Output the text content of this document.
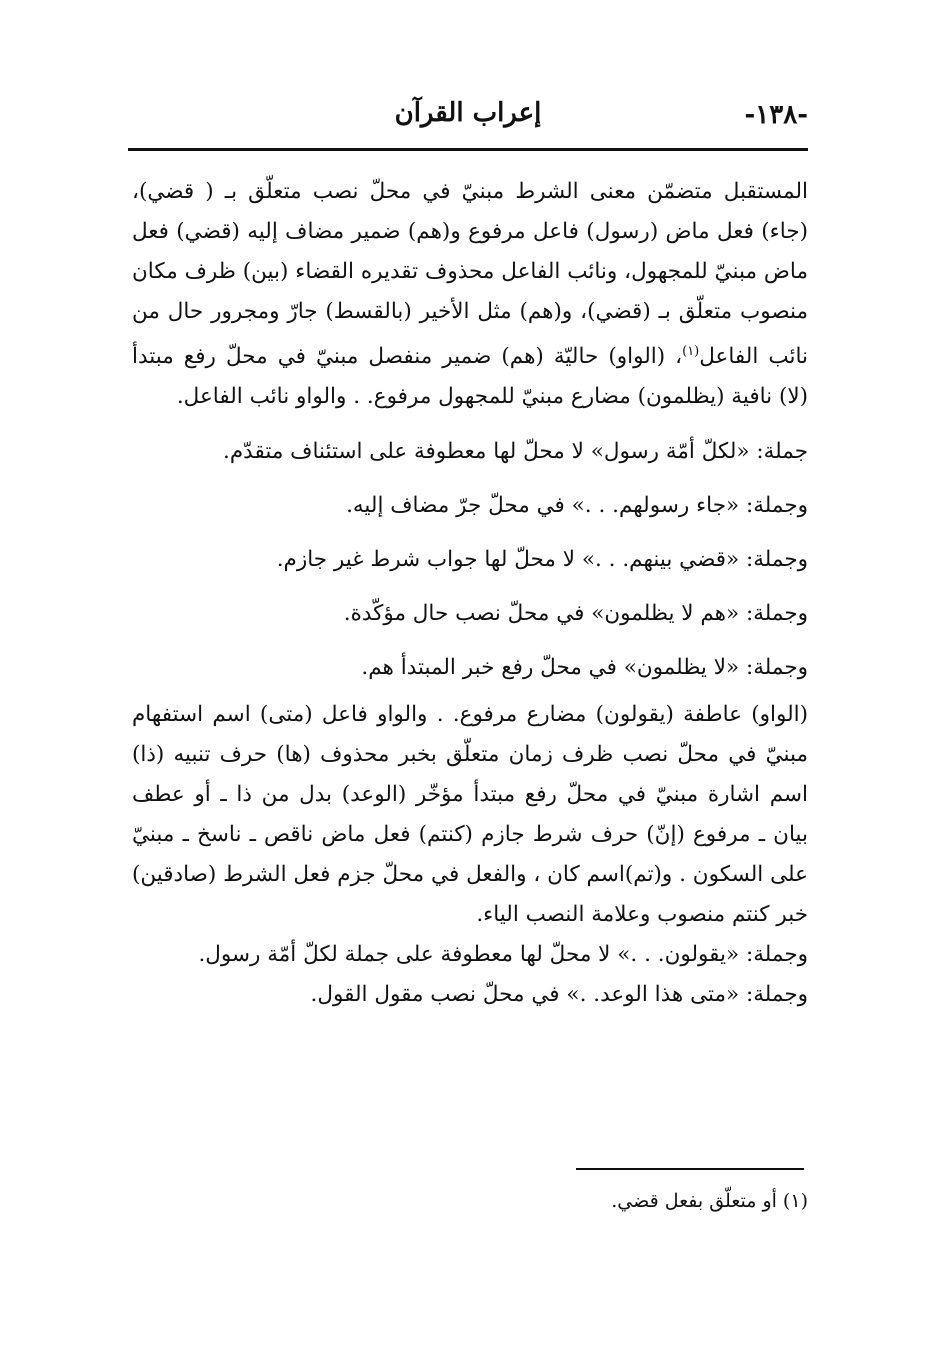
-١٣٨-
إعراب القرآن

المستقبل متضمّن معنى الشرط مبنيّ في محلّ نصب متعلّق بـ ( قضي)، (جاء) فعل ماض (رسول) فاعل مرفوع و(هم) ضمير مضاف إليه (قضي) فعل ماض مبنيّ للمجهول، ونائب الفاعل محذوف تقديره القضاء (بين) ظرف مكان منصوب متعلّق بـ (قضي)، و(هم) مثل الأخير (بالقسط) جارّ ومجرور حال من نائب الفاعل$^{(١)}$، (الواو) حاليّة (هم) ضمير منفصل مبنيّ في محلّ رفع مبتدأ (لا) نافية (يظلمون) مضارع مبنيّ للمجهول مرفوع. . والواو نائب الفاعل.

جملة: «لكلّ أمّة رسول» لا محلّ لها معطوفة على استئناف متقدّم.

وجملة: «جاء رسولهم. . .» في محلّ جرّ مضاف إليه.

وجملة: «قضي بينهم. . .» لا محلّ لها جواب شرط غير جازم.

وجملة: «هم لا يظلمون» في محلّ نصب حال مؤكّدة.

وجملة: «لا يظلمون» في محلّ رفع خبر المبتدأ هم.

(الواو) عاطفة (يقولون) مضارع مرفوع. . والواو فاعل (متى) اسم استفهام مبنيّ في محلّ نصب ظرف زمان متعلّق بخبر محذوف (ها) حرف تنبيه (ذا) اسم اشارة مبنيّ في محلّ رفع مبتدأ مؤخّر (الوعد) بدل من ذا ـ أو عطف بيان ـ مرفوع (إنّ) حرف شرط جازم (كنتم) فعل ماض ناقص ـ ناسخ ـ مبنيّ على السكون . و(تم)اسم كان ، والفعل في محلّ جزم فعل الشرط (صادقين) خبر كنتم منصوب وعلامة النصب الياء.

وجملة: «يقولون. . .» لا محلّ لها معطوفة على جملة لكلّ أمّة رسول.

وجملة: «متى هذا الوعد. .» في محلّ نصب مقول القول.

(١) أو متعلّق بفعل قضي.
